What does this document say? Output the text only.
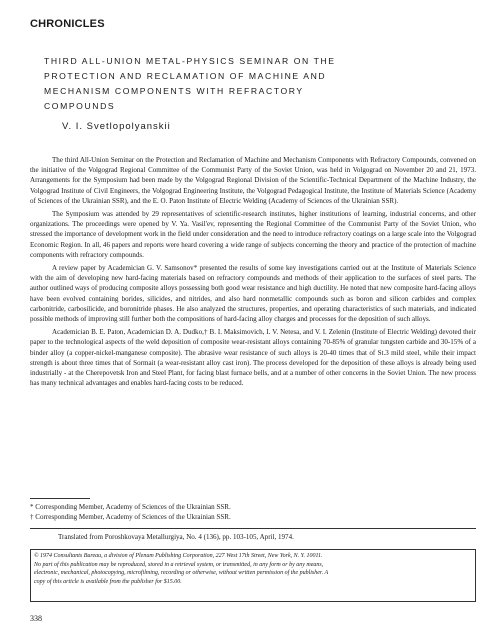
CHRONICLES
THIRD ALL-UNION METAL-PHYSICS SEMINAR ON THE
PROTECTION AND RECLAMATION OF MACHINE AND
MECHANISM COMPONENTS WITH REFRACTORY
COMPOUNDS
V. I. Svetlopolyanskii

The third All-Union Seminar on the Protection and Reclamation of Machine and Mechanism Components with Refractory Compounds, convened on the initiative of the Volgograd Regional Committee of the Communist Party of the Soviet Union, was held in Volgograd on November 20 and 21, 1973. Arrangements for the Symposium had been made by the Volgograd Regional Division of the Scientific-Technical Department of the Machine Industry, the Volgograd Institute of Civil Engineers, the Volgograd Engineering Institute, the Volgograd Pedagogical Institute, the Institute of Materials Science (Academy of Sciences of the Ukrainian SSR), and the E. O. Paton Institute of Electric Welding (Academy of Sciences of the Ukrainian SSR).

The Symposium was attended by 29 representatives of scientific-research institutes, higher institutions of learning, industrial concerns, and other organizations. The proceedings were opened by V. Ya. Vasil'ev, representing the Regional Committee of the Communist Party of the Soviet Union, who stressed the importance of development work in the field under consideration and the need to introduce refractory coatings on a large scale into the Volgograd Economic Region. In all, 46 papers and reports were heard covering a wide range of subjects concerning the theory and practice of the protection of machine components with refractory compounds.

A review paper by Academician G. V. Samsonov* presented the results of some key investigations carried out at the Institute of Materials Science with the aim of developing new hard-facing materials based on refractory compounds and methods of their application to the surfaces of steel parts. The author outlined ways of producing composite alloys possessing both good wear resistance and high ductility. He noted that new composite hard-facing alloys have been evolved containing borides, silicides, and nitrides, and also hard nonmetallic compounds such as boron and silicon carbides and complex carbonitride, carbosilicide, and boronitride phases. He also analyzed the structures, properties, and operating characteristics of such materials, and indicated possible methods of improving still further both the compositions of hard-facing alloy charges and processes for the deposition of such alloys.

Academician B. E. Paton, Academician D. A. Dudko,† B. I. Maksimovich, I. V. Netesa, and V. I. Zelenin (Institute of Electric Welding) devoted their paper to the technological aspects of the weld deposition of composite wear-resistant alloys containing 70-85% of granular tungsten carbide and 30-15% of a binder alloy (a copper-nickel-manganese composite). The abrasive wear resistance of such alloys is 20-40 times that of St.3 mild steel, while their impact strength is about three times that of Sormait (a wear-resistant alloy cast iron). The process developed for the deposition of these alloys is already being used industrially - at the Cherepovetsk Iron and Steel Plant, for facing blast furnace bells, and at a number of other concerns in the Soviet Union. The new process has many technical advantages and enables hard-facing costs to be reduced.

* Corresponding Member, Academy of Sciences of the Ukrainian SSR.
† Corresponding Member, Academy of Sciences of the Ukrainian SSR.
Translated from Poroshkovaya Metallurgiya, No. 4 (136), pp. 103-105, April, 1974.
© 1974 Consultants Bureau, a division of Plenum Publishing Corporation, 227 West 17th Street, New York, N. Y. 10011.
No part of this publication may be reproduced, stored in a retrieval system, or transmitted, in any form or by any means,
electronic, mechanical, photocopying, microfilming, recording or otherwise, without written permission of the publisher. A
copy of this article is available from the publisher for $15.00.
338
